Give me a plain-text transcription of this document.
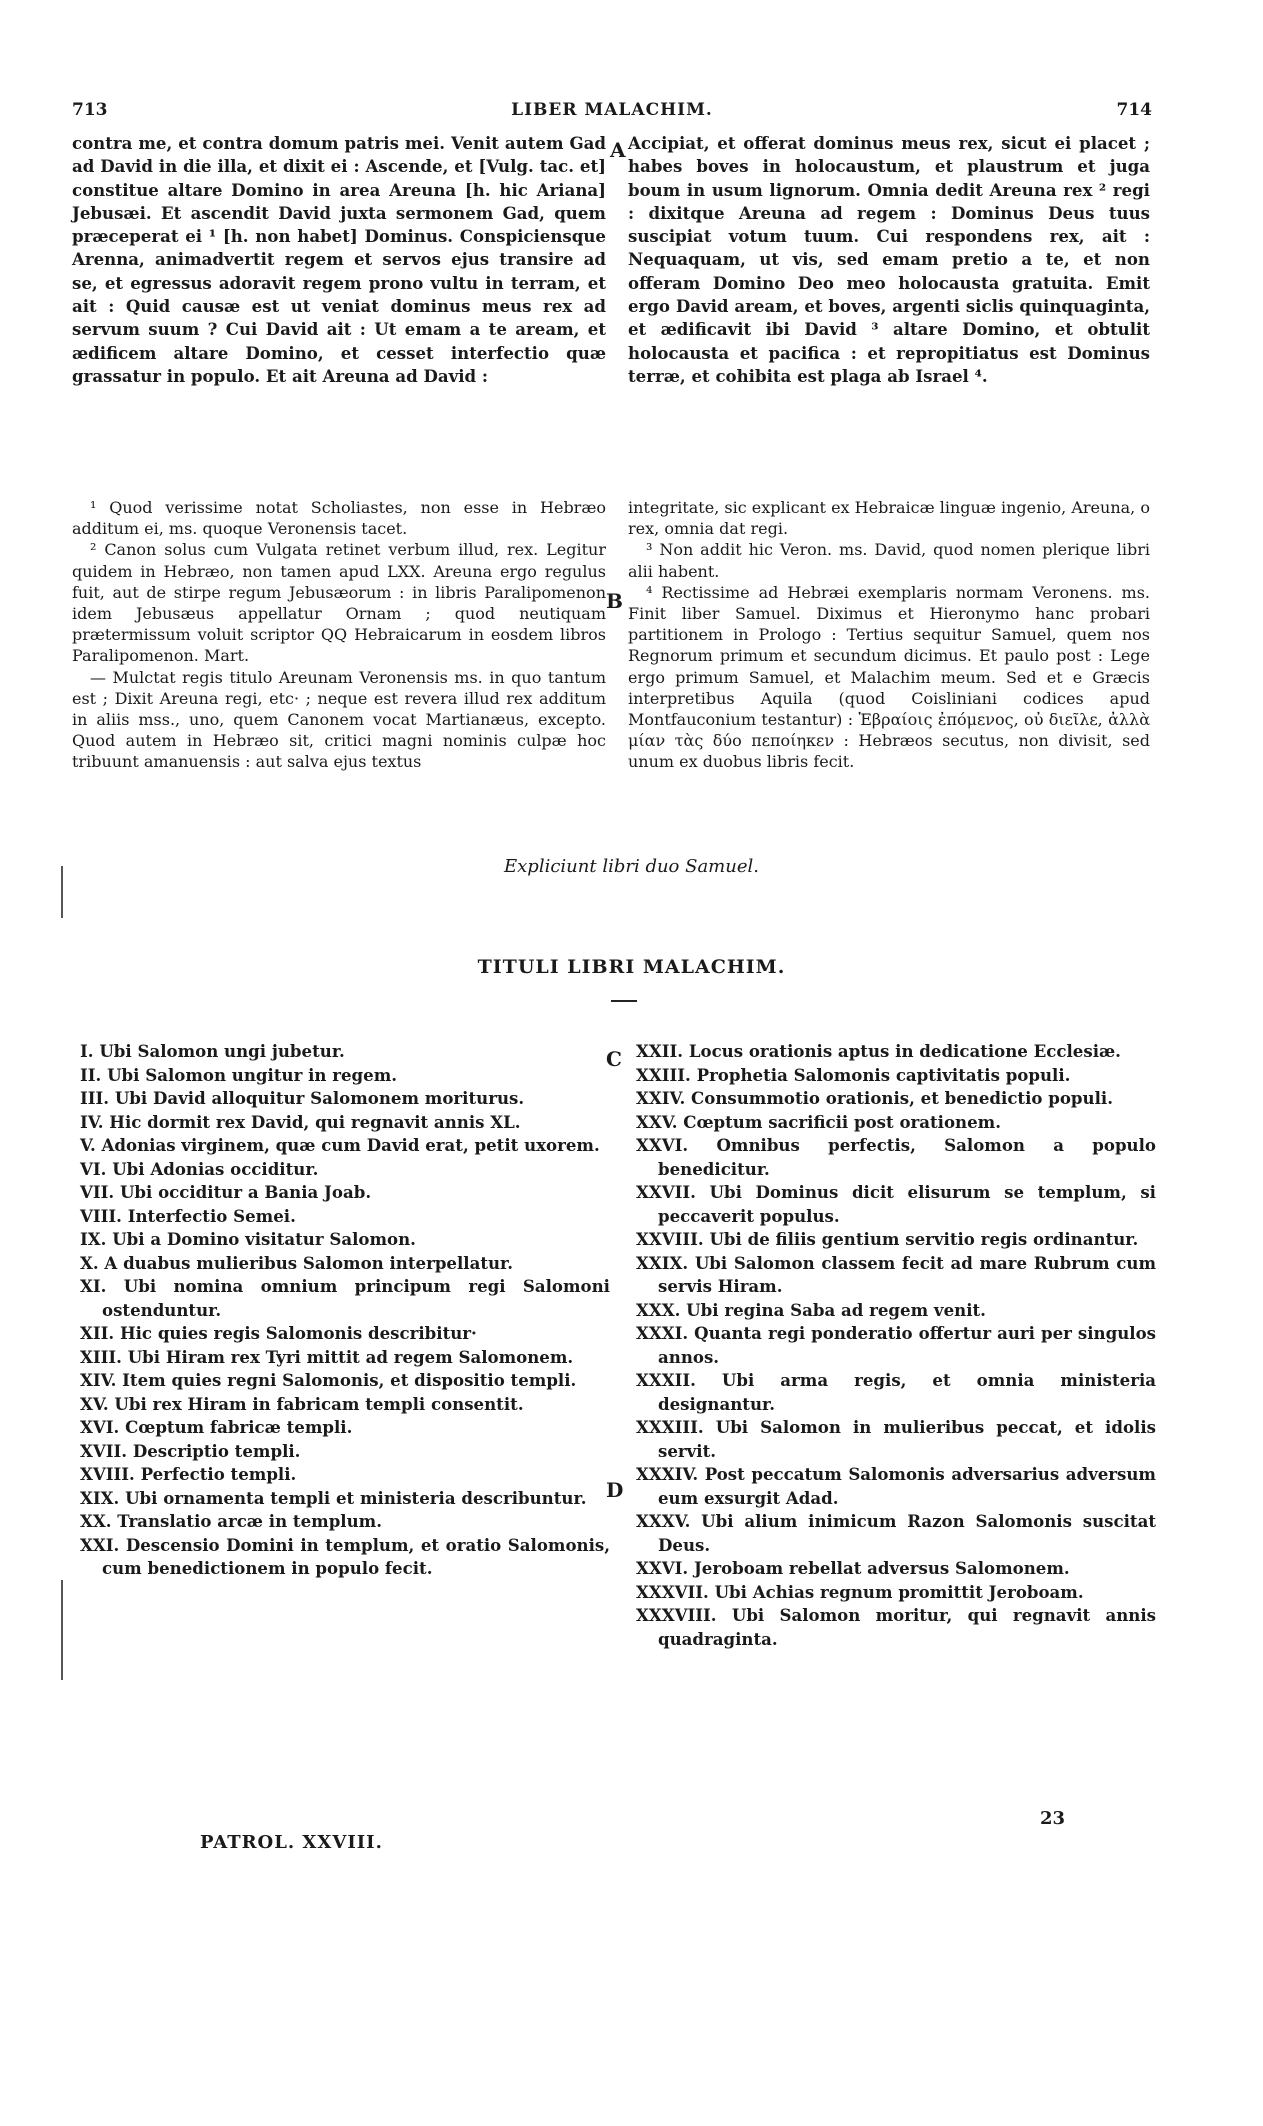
713	LIBER MALACHIM.	714

contra me, et contra domum patris mei. Venit autem Gad ad David in die illa, et dixit ei : Ascende, et [Vulg. tac. et] constitue altare Domino in area Areuna [h. hic Ariana] Jebusæi. Et ascendit David juxta sermonem Gad, quem præceperat ei ¹ [h. non habet] Dominus. Conspiciensque Arenna, animadvertit regem et servos ejus transire ad se, et egressus adoravit regem prono vultu in terram, et ait : Quid causæ est ut veniat dominus meus rex ad servum suum ? Cui David ait : Ut emam a te aream, et ædificem altare Domino, et cesset interfectio quæ grassatur in populo. Et ait Areuna ad David :

Accipiat, et offerat dominus meus rex, sicut ei placet ; habes boves in holocaustum, et plaustrum et juga boum in usum lignorum. Omnia dedit Areuna rex ² regi : dixitque Areuna ad regem : Dominus Deus tuus suscipiat votum tuum. Cui respondens rex, ait : Nequaquam, ut vis, sed emam pretio a te, et non offeram Domino Deo meo holocausta gratuita. Emit ergo David aream, et boves, argenti siclis quinquaginta, et ædificavit ibi David ³ altare Domino, et obtulit holocausta et pacifica : et repropitiatus est Dominus terræ, et cohibita est plaga ab Israel ⁴.

A
B

¹ Quod verissime notat Scholiastes, non esse in Hebræo additum ei, ms. quoque Veronensis tacet.

² Canon solus cum Vulgata retinet verbum illud, rex. Legitur quidem in Hebræo, non tamen apud LXX. Areuna ergo regulus fuit, aut de stirpe regum Jebusæorum : in libris Paralipomenon idem Jebusæus appellatur Ornam ; quod neutiquam prætermissum voluit scriptor QQ Hebraicarum in eosdem libros Paralipomenon. Mart.

— Mulctat regis titulo Areunam Veronensis ms. in quo tantum est ; Dixit Areuna regi, etc· ; neque est revera illud rex additum in aliis mss., uno, quem Canonem vocat Martianæus, excepto. Quod autem in Hebræo sit, critici magni nominis culpæ hoc tribuunt amanuensis : aut salva ejus textus

integritate, sic explicant ex Hebraicæ linguæ ingenio, Areuna, o rex, omnia dat regi.

³ Non addit hic Veron. ms. David, quod nomen plerique libri alii habent.

⁴ Rectissime ad Hebræi exemplaris normam Veronens. ms. Finit liber Samuel. Diximus et Hieronymo hanc probari partitionem in Prologo : Tertius sequitur Samuel, quem nos Regnorum primum et secundum dicimus. Et paulo post : Lege ergo primum Samuel, et Malachim meum. Sed et e Græcis interpretibus Aquila (quod Coisliniani codices apud Montfauconium testantur) : Ἑβραίοις ἐπόμενος, οὐ διεῖλε, ἀλλὰ μίαν τὰς δύο πεποίηκεν : Hebræos secutus, non divisit, sed unum ex duobus libris fecit.

Expliciunt libri duo Samuel.
TITULI LIBRI MALACHIM.
C
D
I. Ubi Salomon ungi jubetur.
II. Ubi Salomon ungitur in regem.
III. Ubi David alloquitur Salomonem moriturus.
IV. Hic dormit rex David, qui regnavit annis XL.
V. Adonias virginem, quæ cum David erat, petit uxorem.
VI. Ubi Adonias occiditur.
VII. Ubi occiditur a Bania Joab.
VIII. Interfectio Semei.
IX. Ubi a Domino visitatur Salomon.
X. A duabus mulieribus Salomon interpellatur.
XI. Ubi nomina omnium principum regi Salomoni ostenduntur.
XII. Hic quies regis Salomonis describitur·
XIII. Ubi Hiram rex Tyri mittit ad regem Salomonem.
XIV. Item quies regni Salomonis, et dispositio templi.
XV. Ubi rex Hiram in fabricam templi consentit.
XVI. Cœptum fabricæ templi.
XVII. Descriptio templi.
XVIII. Perfectio templi.
XIX. Ubi ornamenta templi et ministeria describuntur.
XX. Translatio arcæ in templum.
XXI. Descensio Domini in templum, et oratio Salomonis, cum benedictionem in populo fecit.
XXII. Locus orationis aptus in dedicatione Ecclesiæ.
XXIII. Prophetia Salomonis captivitatis populi.
XXIV. Consummotio orationis, et benedictio populi.
XXV. Cœptum sacrificii post orationem.
XXVI. Omnibus perfectis, Salomon a populo benedicitur.
XXVII. Ubi Dominus dicit elisurum se templum, si peccaverit populus.
XXVIII. Ubi de filiis gentium servitio regis ordinantur.
XXIX. Ubi Salomon classem fecit ad mare Rubrum cum servis Hiram.
XXX. Ubi regina Saba ad regem venit.
XXXI. Quanta regi ponderatio offertur auri per singulos annos.
XXXII. Ubi arma regis, et omnia ministeria designantur.
XXXIII. Ubi Salomon in mulieribus peccat, et idolis servit.
XXXIV. Post peccatum Salomonis adversarius adversum eum exsurgit Adad.
XXXV. Ubi alium inimicum Razon Salomonis suscitat Deus.
XXVI. Jeroboam rebellat adversus Salomonem.
XXXVII. Ubi Achias regnum promittit Jeroboam.
XXXVIII. Ubi Salomon moritur, qui regnavit annis quadraginta.
PATROL. XXVIII.
23
